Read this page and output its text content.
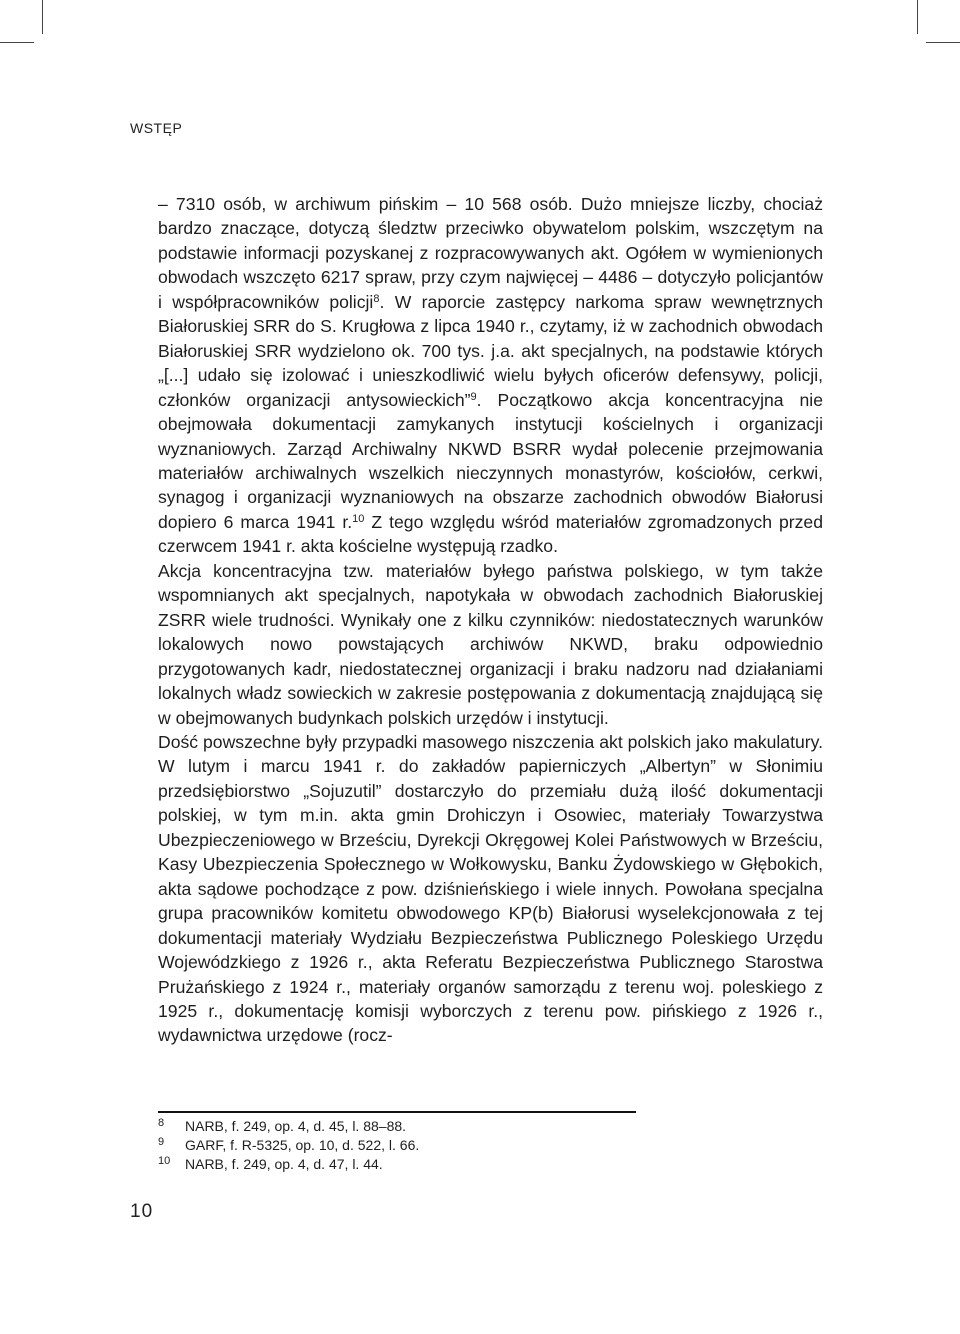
WSTĘP

– 7310 osób, w archiwum pińskim – 10 568 osób. Dużo mniejsze liczby, chociaż bardzo znaczące, dotyczą śledztw przeciwko obywatelom polskim, wszczętym na podstawie informacji pozyskanej z rozpracowywanych akt. Ogółem w wymienionych obwodach wszczęto 6217 spraw, przy czym najwięcej – 4486 – dotyczyło policjantów i współpracowników policji$^8$. W raporcie zastępcy narkoma spraw wewnętrznych Białoruskiej SRR do S. Krugłowa z lipca 1940 r., czytamy, iż w zachodnich obwodach Białoruskiej SRR wydzielono ok. 700 tys. j.a. akt specjalnych, na podstawie których „[...] udało się izolować i unieszkodliwić wielu byłych oficerów defensywy, policji, członków organizacji antysowieckich”$^9$. Początkowo akcja koncentracyjna nie obejmowała dokumentacji zamykanych instytucji kościelnych i organizacji wyznaniowych. Zarząd Archiwalny NKWD BSRR wydał polecenie przejmowania materiałów archiwalnych wszelkich nieczynnych monastyrów, kościołów, cerkwi, synagog i organizacji wyznaniowych na obszarze zachodnich obwodów Białorusi dopiero 6 marca 1941 r.$^{10}$ Z tego względu wśród materiałów zgromadzonych przed czerwcem 1941 r. akta kościelne występują rzadko.

Akcja koncentracyjna tzw. materiałów byłego państwa polskiego, w tym także wspomnianych akt specjalnych, napotykała w obwodach zachodnich Białoruskiej ZSRR wiele trudności. Wynikały one z kilku czynników: niedostatecznych warunków lokalowych nowo powstających archiwów NKWD, braku odpowiednio przygotowanych kadr, niedostatecznej organizacji i braku nadzoru nad działaniami lokalnych władz sowieckich w zakresie postępowania z dokumentacją znajdującą się w obejmowanych budynkach polskich urzędów i instytucji.

Dość powszechne były przypadki masowego niszczenia akt polskich jako makulatury. W lutym i marcu 1941 r. do zakładów papierniczych „Albertyn” w Słonimiu przedsiębiorstwo „Sojuzutil” dostarczyło do przemiału dużą ilość dokumentacji polskiej, w tym m.in. akta gmin Drohiczyn i Osowiec, materiały Towarzystwa Ubezpieczeniowego w Brześciu, Dyrekcji Okręgowej Kolei Państwowych w Brześciu, Kasy Ubezpieczenia Społecznego w Wołkowysku, Banku Żydowskiego w Głębokich, akta sądowe pochodzące z pow. dziśnieńskiego i wiele innych. Powołana specjalna grupa pracowników komitetu obwodowego KP(b) Białorusi wyselekcjonowała z tej dokumentacji materiały Wydziału Bezpieczeństwa Publicznego Poleskiego Urzędu Wojewódzkiego z 1926 r., akta Referatu Bezpieczeństwa Publicznego Starostwa Prużańskiego z 1924 r., materiały organów samorządu z terenu woj. poleskiego z 1925 r., dokumentację komisji wyborczych z terenu pow. pińskiego z 1926 r., wydawnictwa urzędowe (rocz-

8 NARB, f. 249, op. 4, d. 45, l. 88–88.
9 GARF, f. R-5325, op. 10, d. 522, l. 66.
10 NARB, f. 249, op. 4, d. 47, l. 44.
10
